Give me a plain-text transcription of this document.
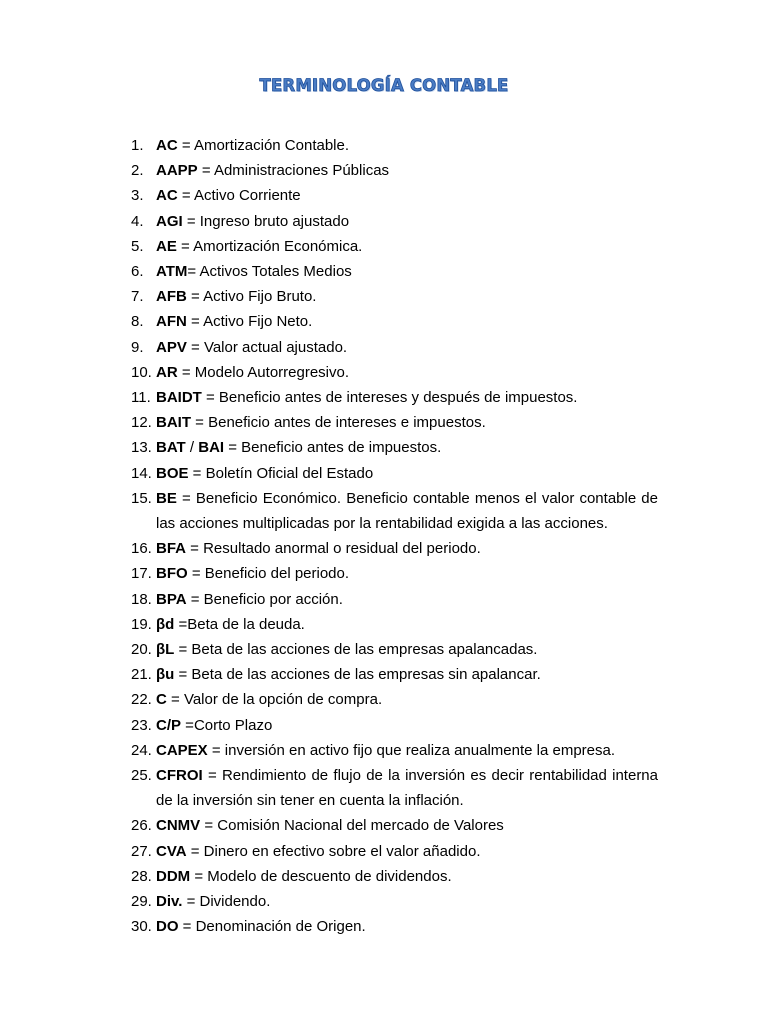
TERMINOLOGÍA CONTABLE
1. AC = Amortización Contable.
2. AAPP = Administraciones Públicas
3. AC = Activo Corriente
4. AGI = Ingreso bruto ajustado
5. AE = Amortización Económica.
6. ATM= Activos Totales Medios
7. AFB = Activo Fijo Bruto.
8. AFN = Activo Fijo Neto.
9. APV = Valor actual ajustado.
10. AR = Modelo Autorregresivo.
11. BAIDT = Beneficio antes de intereses y después de impuestos.
12. BAIT = Beneficio antes de intereses e impuestos.
13. BAT / BAI = Beneficio antes de impuestos.
14. BOE = Boletín Oficial del Estado
15. BE = Beneficio Económico. Beneficio contable menos el valor contable de las acciones multiplicadas por la rentabilidad exigida a las acciones.
16. BFA = Resultado anormal o residual del periodo.
17. BFO = Beneficio del periodo.
18. BPA = Beneficio por acción.
19. βd =Beta de la deuda.
20. βL = Beta de las acciones de las empresas apalancadas.
21. βu = Beta de las acciones de las empresas sin apalancar.
22. C = Valor de la opción de compra.
23. C/P =Corto Plazo
24. CAPEX = inversión en activo fijo que realiza anualmente la empresa.
25. CFROI = Rendimiento de flujo de la inversión es decir rentabilidad interna de la inversión sin tener en cuenta la inflación.
26. CNMV = Comisión Nacional del mercado de Valores
27. CVA = Dinero en efectivo sobre el valor añadido.
28. DDM = Modelo de descuento de dividendos.
29. Div. = Dividendo.
30. DO = Denominación de Origen.
